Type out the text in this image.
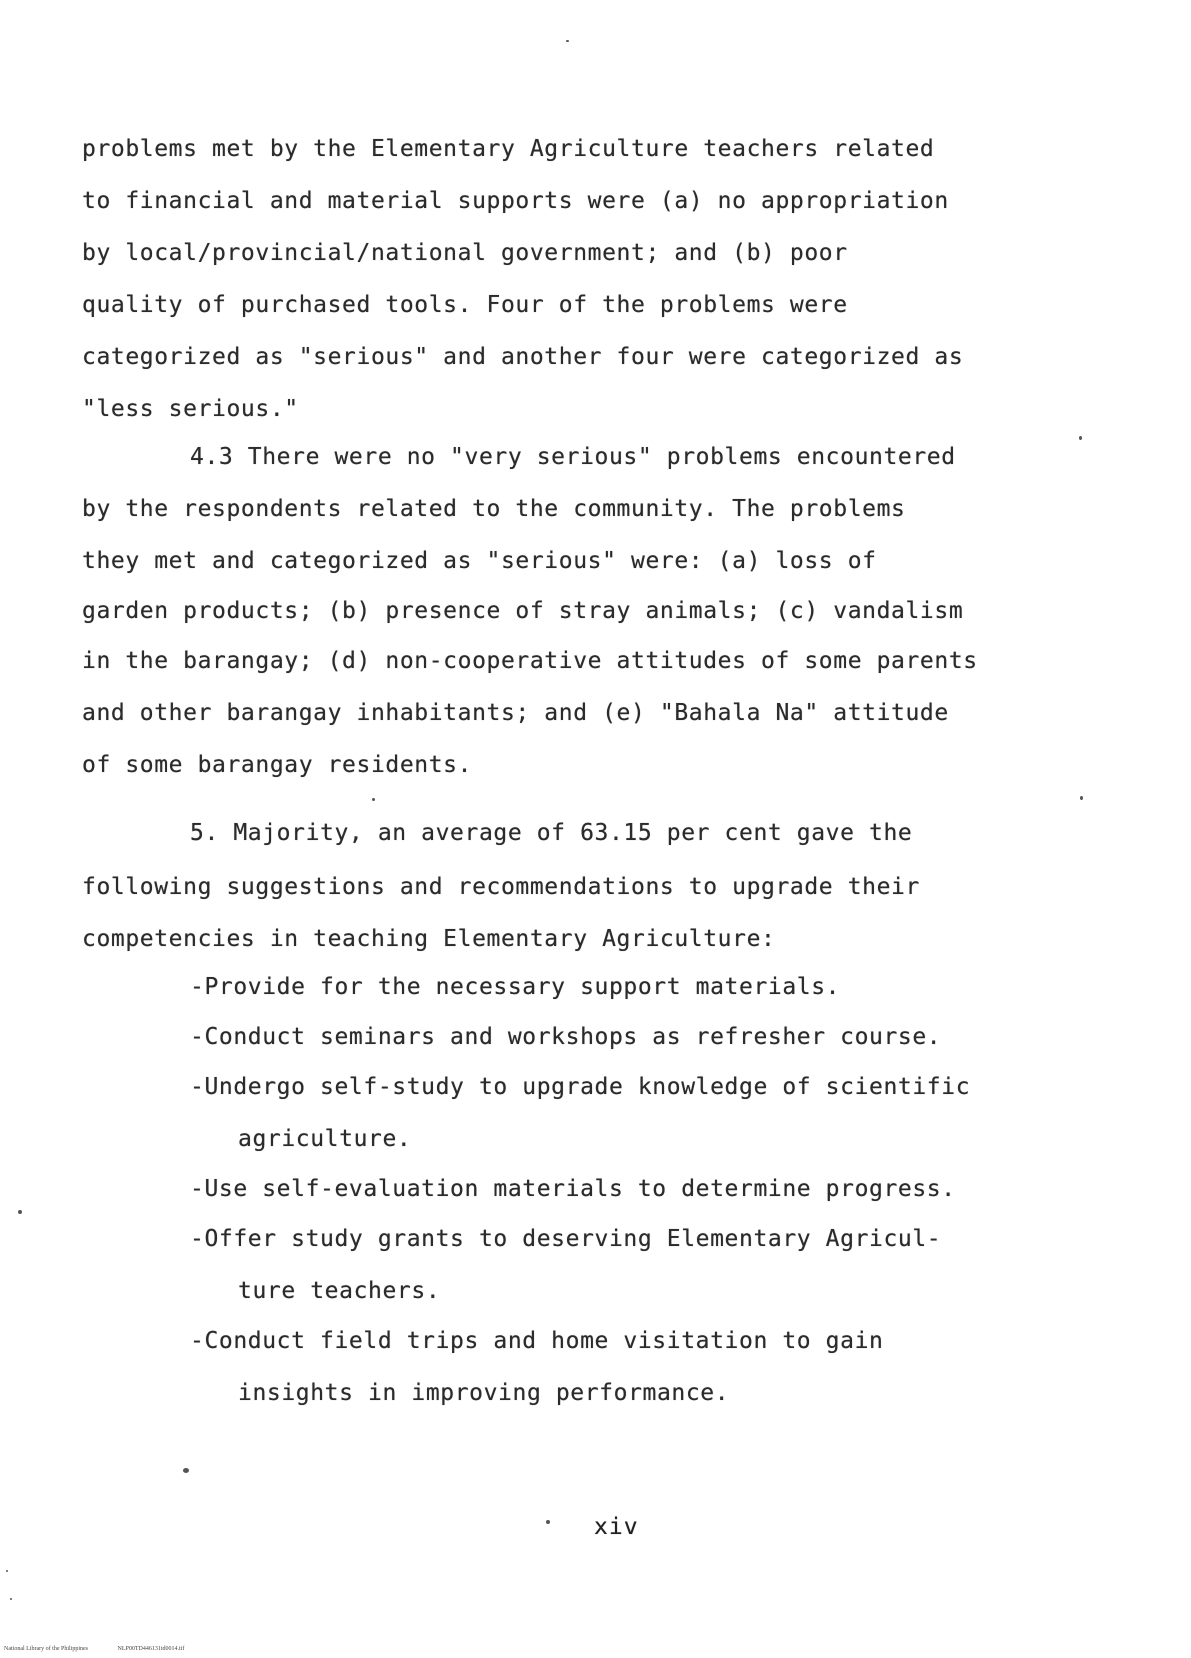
problems met by the Elementary Agriculture teachers related
to financial and material supports were (a) no appropriation
by local/provincial/national government; and (b) poor
quality of purchased tools. Four of the problems were
categorized as "serious" and another four were categorized as
"less serious."
4.3 There were no "very serious" problems encountered
by the respondents related to the community. The problems
they met and categorized as "serious" were: (a) loss of
garden products; (b) presence of stray animals; (c) vandalism
in the barangay; (d) non-cooperative attitudes of some parents
and other barangay inhabitants; and (e) "Bahala Na" attitude
of some barangay residents.
5. Majority, an average of 63.15 per cent gave the
following suggestions and recommendations to upgrade their
competencies in teaching Elementary Agriculture:
-Provide for the necessary support materials.
-Conduct seminars and workshops as refresher course.
-Undergo self-study to upgrade knowledge of scientific
agriculture.
-Use self-evaluation materials to determine progress.
-Offer study grants to deserving Elementary Agricul-
ture teachers.
-Conduct field trips and home visitation to gain
insights in improving performance.
xiv
National Library of the Philippines	NLP00TD446131td0014.tif
